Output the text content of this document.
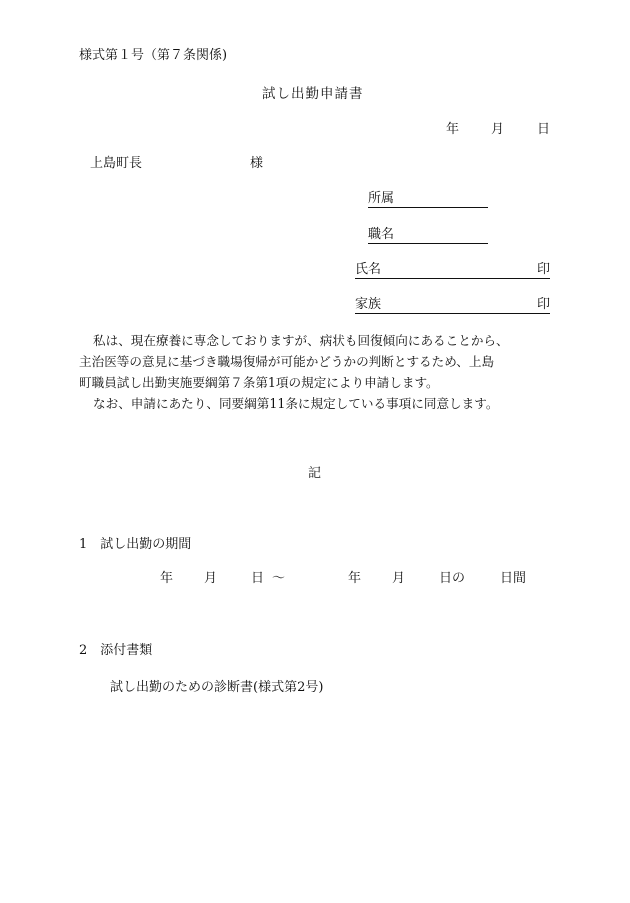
様式第１号（第７条関係)
試し出勤申請書
年 月	日
上島町長	様
所属
職名
氏名	印
家族	印

私は、現在療養に専念しておりますが、病状も回復傾向にあることから、

主治医等の意見に基づき職場復帰が可能かどうかの判断とするため、上島

町職員試し出勤実施要綱第７条第1項の規定により申請します。

なお、申請にあたり、同要綱第11条に規定している事項に同意します。

記
1　試し出勤の期間
年 月	日 ～	年 月	日の	日間
2　添付書類
試し出勤のための診断書(様式第2号)
